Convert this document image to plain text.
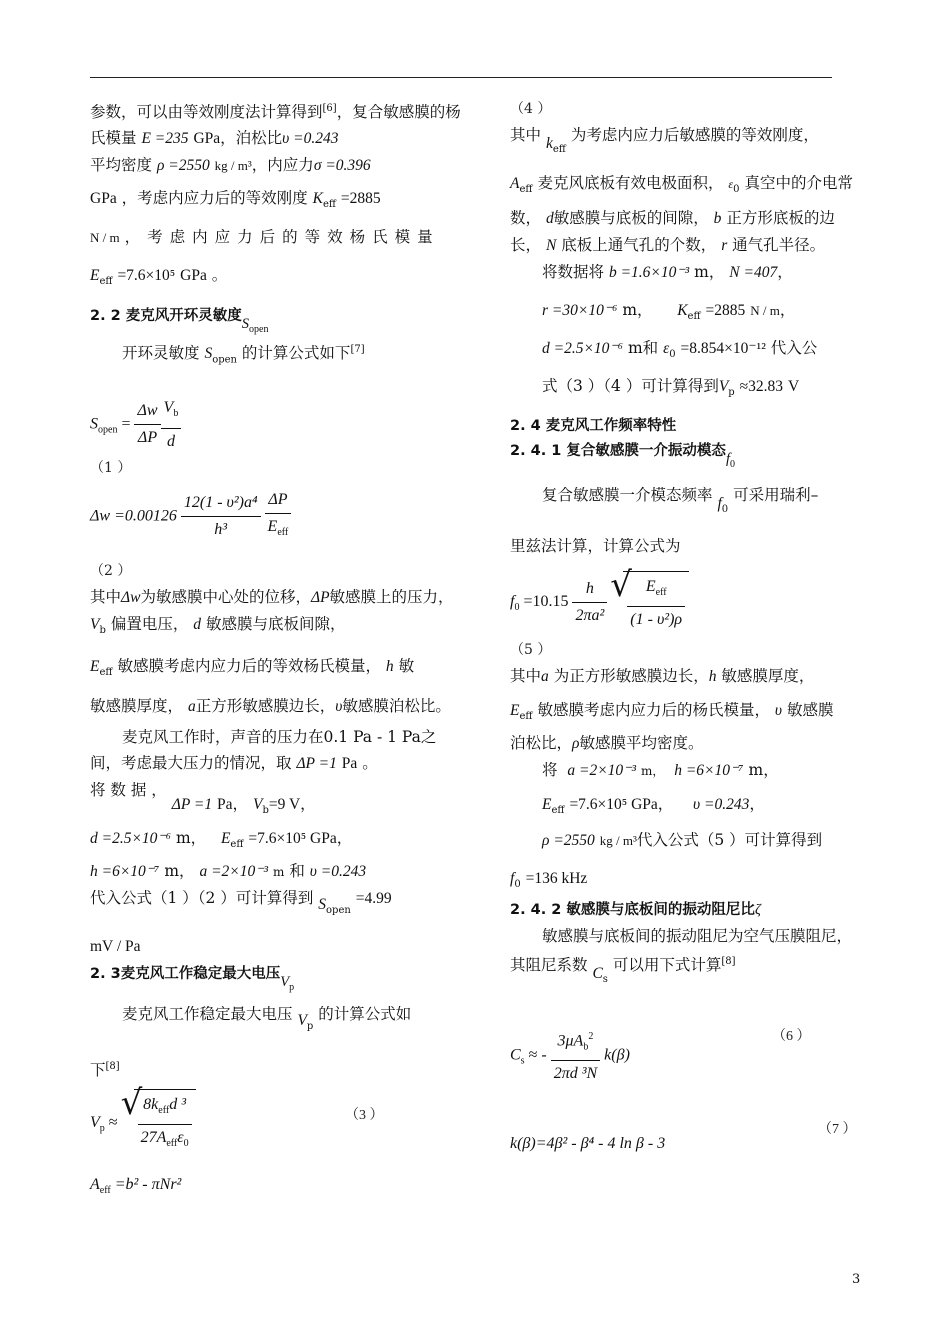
参数，可以由等效刚度法计算得到[6]，复合敏感膜的杨氏模量 E =235 GPa，泊松比υ =0.243
平均密度 ρ =2550 kg / m³，内应力σ =0.396
GPa ，考虑内应力后的等效刚度 $K_{eff} =2885$
N / m ，考虑内应力后的等效杨氏模量
$E_{eff} =7.6\times 10^5$ GPa 。

2. 2 麦克风开环灵敏度$S_{open}$

开环灵敏度 $S_{open}$ 的计算公式如下[7]

$S_{open} = \frac{\Delta w}{\Delta P} \frac{V_b}{d}$
（1 ）
$\Delta w =0.00126 \frac{\text{12(1 - υ²)a⁴}}{\text{h³}}$
$\frac{\Delta P}{E_{eff}}$
（2 ）

其中Δw为敏感膜中心处的位移，ΔP敏感膜上的压力， $V_b$ 偏置电压， d 敏感膜与底板间隙，
$E_{eff}$ 敏感膜考虑内应力后的等效杨氏模量， h 敏
敏感膜厚度， a正方形敏感膜边长，υ敏感膜泊松比。

麦克风工作时，声音的压力在0.1 Pa - 1 Pa之间，考虑最大压力的情况，取 ΔP =1 Pa 。

将 数 据 ， ΔP =1 Pa， $V_b=9$ V，
d =2.5×10⁻⁶ m， $E_{eff} =7.6\times 10^5$ GPa，
h =6×10⁻⁷ m， a =2×10⁻³ m 和 υ =0.243
代入公式（1 ）（2 ）可计算得到 $S_{open} =4.99$
mV / Pa

2. 3麦克风工作稳定最大电压$V_p$

麦克风工作稳定最大电压 $V_p$ 的计算公式如

下[8]

$V_p$ ≈ √ $\frac{8k_{eff}d ^3}{27A_{eff}\varepsilon_0}$	（3 ）
$A_{eff} =b^2 - \pi Nr^2$
（4 ）

其中 $k_{eff}$ 为考虑内应力后敏感膜的等效刚度，
$A_{eff}$ 麦克风底板有效电极面积， $\varepsilon_0$ 真空中的介电常数， d敏感膜与底板的间隙， b 正方形底板的边长， N 底板上通气孔的个数， r 通气孔半径。

将数据将 b =1.6×10⁻³ m， N =407，
r =30×10⁻⁶ m， $K_{eff} =2885$ N / m，
d =2.5×10⁻⁶ m和 $\varepsilon_0 =8.854\times 10^{-12}$ 代入公
式（3 ）（4 ）可计算得到$V_p \approx 32.83$ V

2. 4 麦克风工作频率特性
2. 4. 1 复合敏感膜一介振动模态$f_0$

复合敏感膜一介模态频率 $f_0$ 可采用瑞利–

里兹法计算，计算公式为

$f_0 =10.15 \frac{h}{\text{2πa²}}$
√ $\frac{E_{eff}}{\text{(1 - υ²)ρ}}$
（5 ）

其中a 为正方形敏感膜边长，h 敏感膜厚度，
$E_{eff}$ 敏感膜考虑内应力后的杨氏模量， υ 敏感膜
泊松比，ρ敏感膜平均密度。

将 a =2×10⁻³ m， h =6×10⁻⁷ m，
$E_{eff} =7.6\times 10^5$ GPa， υ =0.243，
ρ =2550 kg / m³代入公式（5 ）可计算得到
$f_0 =136$ kHz

2. 4. 2 敏感膜与底板间的振动阻尼比ζ

敏感膜与底板间的振动阻尼为空气压膜阻尼，其阻尼系数 $C_s$ 可以用下式计算[8]

$C_s$ ≈ - $\frac{3\mu A_b^2}{\text{2πd ³N}} k(\beta)$
（6 ）
k(β)=4β² - β⁴ - 4 ln β - 3
（7 ）
3
